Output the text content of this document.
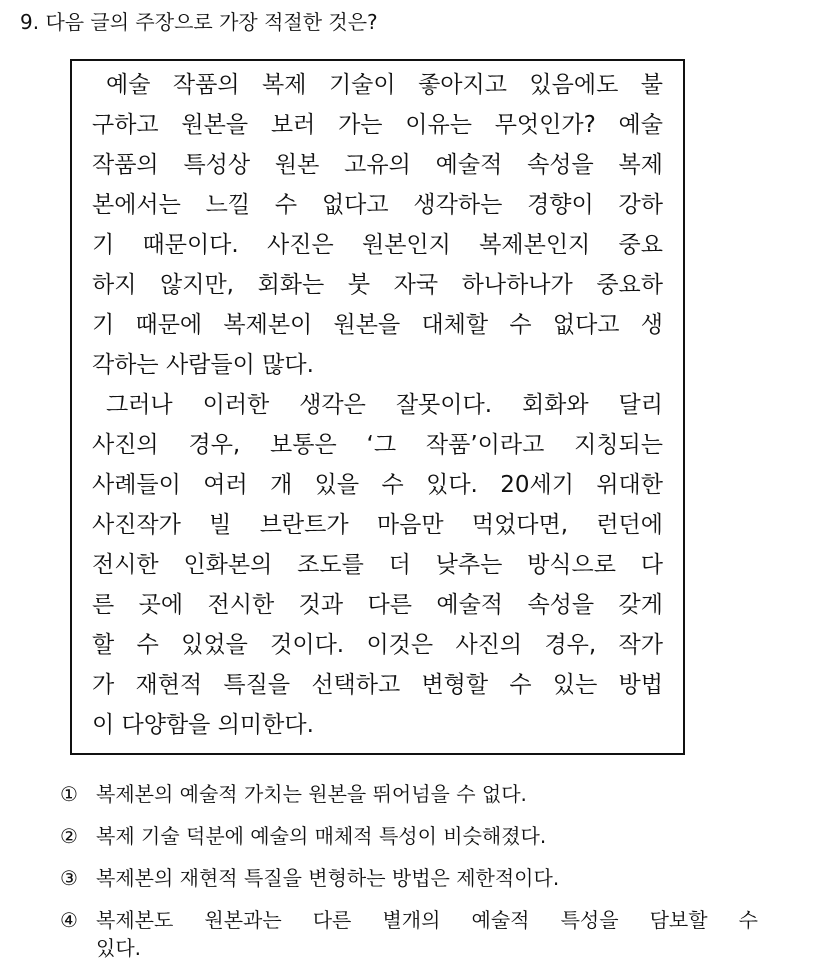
9. 다음 글의 주장으로 가장 적절한 것은?
예술 작품의 복제 기술이 좋아지고 있음에도 불
구하고 원본을 보러 가는 이유는 무엇인가? 예술
작품의 특성상 원본 고유의 예술적 속성을 복제
본에서는 느낄 수 없다고 생각하는 경향이 강하
기 때문이다. 사진은 원본인지 복제본인지 중요
하지 않지만, 회화는 붓 자국 하나하나가 중요하
기 때문에 복제본이 원본을 대체할 수 없다고 생
각하는 사람들이 많다.
그러나 이러한 생각은 잘못이다. 회화와 달리
사진의 경우, 보통은 ‘그 작품’이라고 지칭되는
사례들이 여러 개 있을 수 있다. 20세기 위대한
사진작가 빌 브란트가 마음만 먹었다면, 런던에
전시한 인화본의 조도를 더 낮추는 방식으로 다
른 곳에 전시한 것과 다른 예술적 속성을 갖게
할 수 있었을 것이다. 이것은 사진의 경우, 작가
가 재현적 특질을 선택하고 변형할 수 있는 방법
이 다양함을 의미한다.
① 복제본의 예술적 가치는 원본을 뛰어넘을 수 없다.
② 복제 기술 덕분에 예술의 매체적 특성이 비슷해졌다.
③ 복제본의 재현적 특질을 변형하는 방법은 제한적이다.
④ 복제본도 원본과는 다른 별개의 예술적 특성을 담보할 수
있다.
